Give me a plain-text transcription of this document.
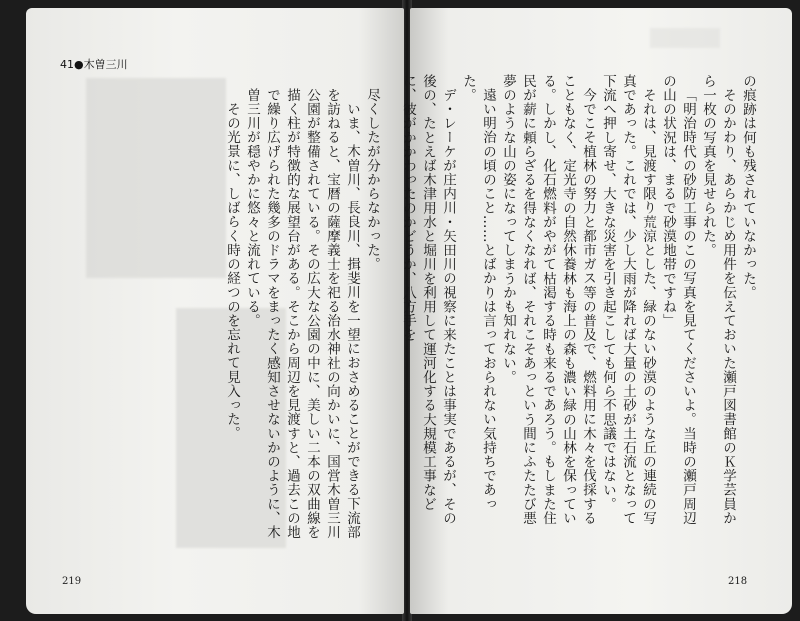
41●木曽三川

尽くしたが分からなかった。

いま、木曽川、長良川、揖斐川を一望におさめることができる下流部を訪ねると、宝暦の薩摩義士を祀る治水神社の向かいに、国営木曽三川公園が整備されている。その広大な公園の中に、美しい二本の双曲線を描く柱が特徴的な展望台がある。そこから周辺を見渡すと、過去この地で繰り広げられた幾多のドラマをまったく感知させないかのように、木曽三川が穏やかに悠々と流れている。

その光景に、しばらく時の経つのを忘れて見入った。

219

の痕跡は何も残されていなかった。

そのかわり、あらかじめ用件を伝えておいた瀬戸図書館のＫ学芸員から一枚の写真を見せられた。

「明治時代の砂防工事のこの写真を見てくださいよ。当時の瀬戸周辺の山の状況は、まるで砂漠地帯ですね」

それは、見渡す限り荒涼とした、緑のない砂漠のような丘の連続の写真であった。これでは、少し大雨が降れば大量の土砂が土石流となって下流へ押し寄せ、大きな災害を引き起こしても何ら不思議ではない。

今でこそ植林の努力と都市ガス等の普及で、燃料用に木々を伐採することもなく、定光寺の自然休養林も海上の森も濃い緑の山林を保っている。しかし、化石燃料がやがて枯渇する時も来るであろう。もしまた住民が薪に頼らざるを得なくなれば、それこそあっという間にふたたび悪夢のような山の姿になってしまうかも知れない。

遠い明治の頃のこと……とばかりは言っておられない気持ちであった。

デ・レーケが庄内川・矢田川の視察に来たことは事実であるが、その後の、たとえば木津用水と堀川を利用して運河化する大規模工事などに、彼がかかわったのかどうか、八方手を

218
